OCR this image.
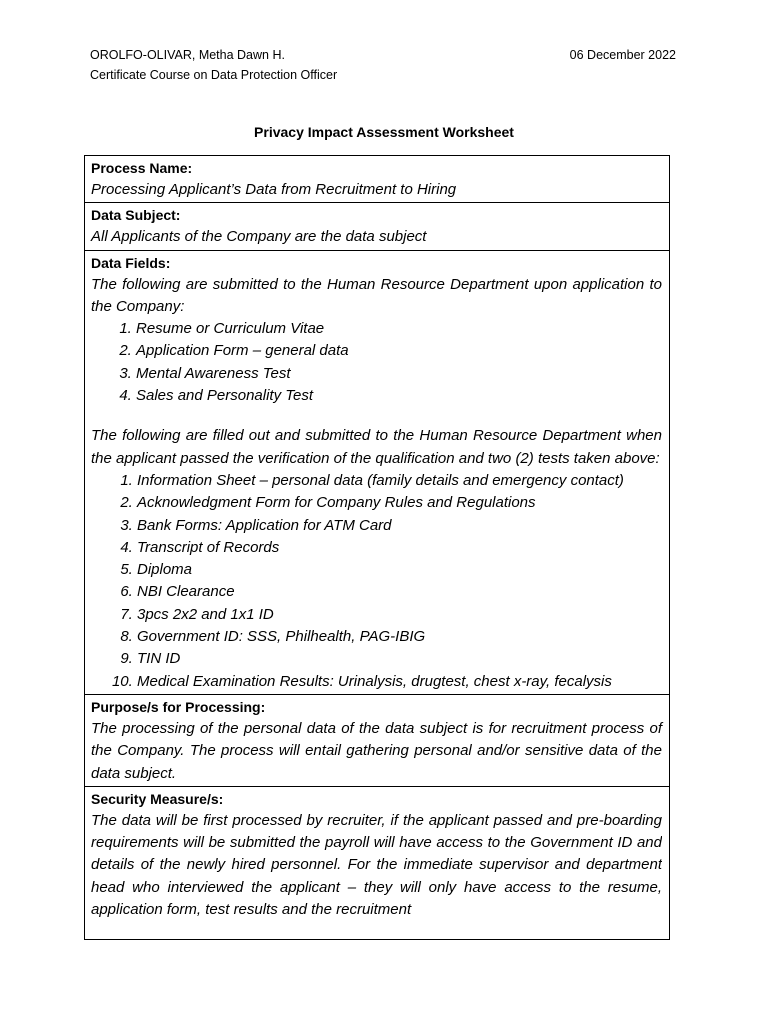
OROLFO-OLIVAR, Metha Dawn H.
Certificate Course on Data Protection Officer
06 December 2022
Privacy Impact Assessment Worksheet
Process Name:
Processing Applicant’s Data from Recruitment to Hiring

Data Subject:
All Applicants of the Company are the data subject

Data Fields:
The following are submitted to the Human Resource Department upon application to the Company:
1. Resume or Curriculum Vitae
2. Application Form – general data
3. Mental Awareness Test
4. Sales and Personality Test
The following are filled out and submitted to the Human Resource Department when the applicant passed the verification of the qualification and two (2) tests taken above:
1. Information Sheet – personal data (family details and emergency contact)
2. Acknowledgment Form for Company Rules and Regulations
3. Bank Forms: Application for ATM Card
4. Transcript of Records
5. Diploma
6. NBI Clearance
7. 3pcs 2x2 and 1x1 ID
8. Government ID: SSS, Philhealth, PAG-IBIG
9. TIN ID
10. Medical Examination Results: Urinalysis, drugtest, chest x-ray, fecalysis

Purpose/s for Processing:
The processing of the personal data of the data subject is for recruitment process of the Company. The process will entail gathering personal and/or sensitive data of the data subject.

Security Measure/s:
The data will be first processed by recruiter, if the applicant passed and pre-boarding requirements will be submitted the payroll will have access to the Government ID and details of the newly hired personnel. For the immediate supervisor and department head who interviewed the applicant – they will only have access to the resume, application form, test results and the recruitment
